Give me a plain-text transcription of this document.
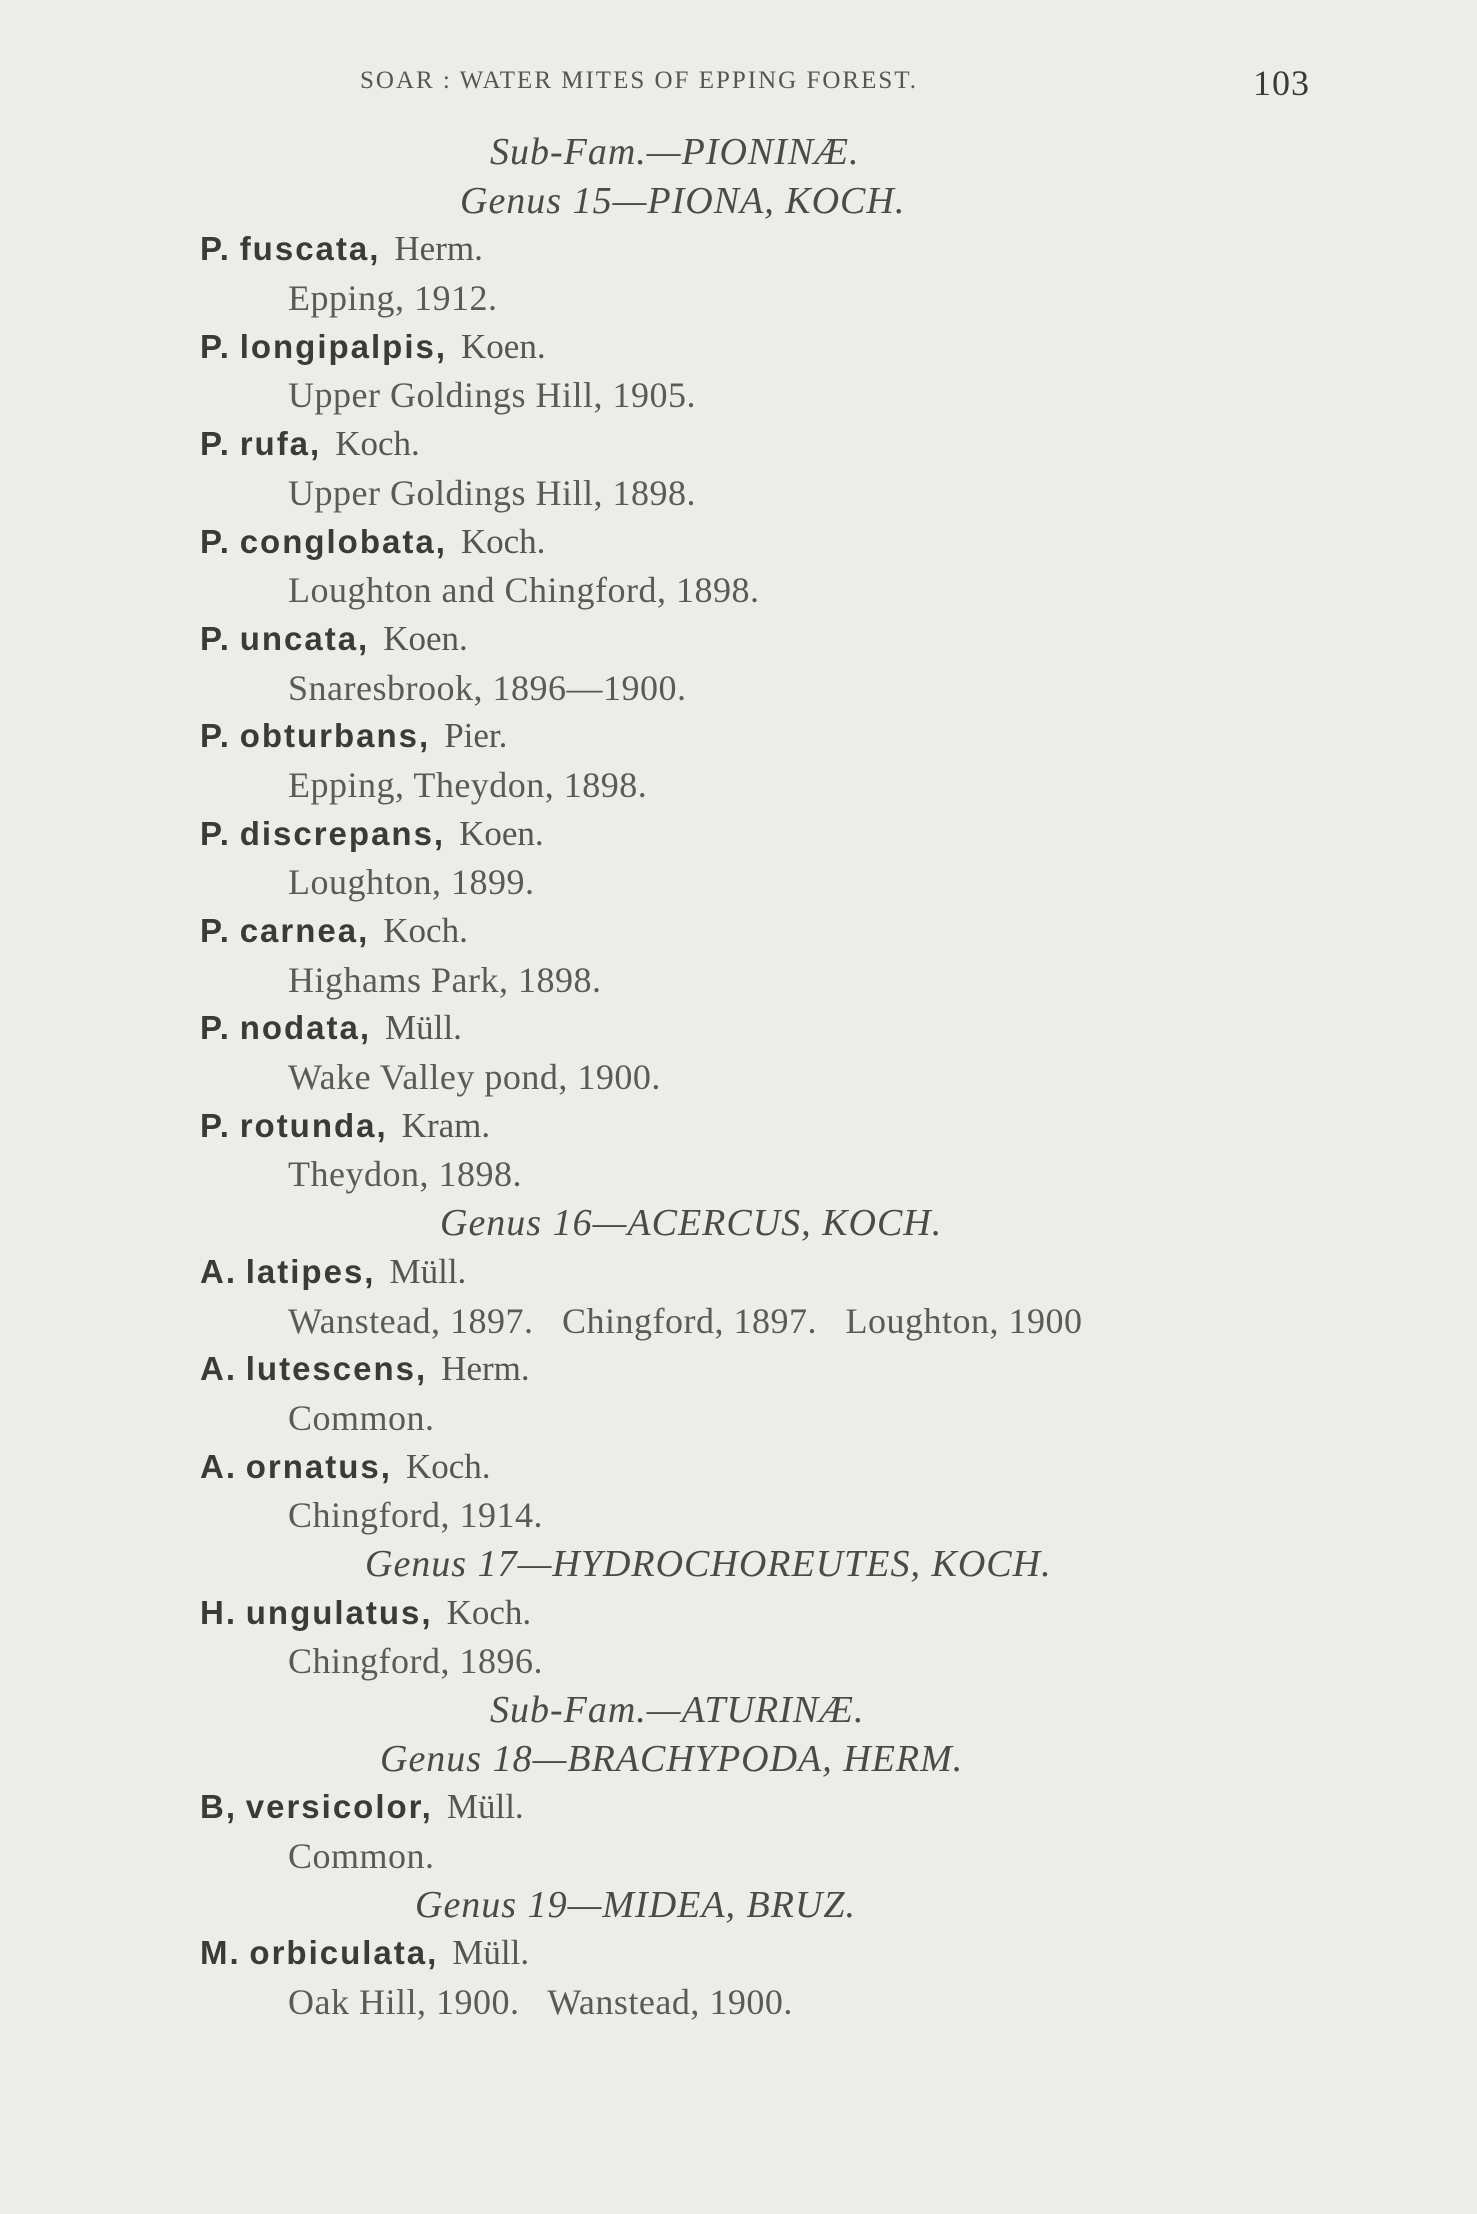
SOAR : WATER MITES OF EPPING FOREST.	103
Sub-Fam.—PIONINÆ.
Genus 15—PIONA, KOCH.
P. fuscata, Herm.
Epping, 1912.
P. longipalpis, Koen.
Upper Goldings Hill, 1905.
P. rufa, Koch.
Upper Goldings Hill, 1898.
P. conglobata, Koch.
Loughton and Chingford, 1898.
P. uncata, Koen.
Snaresbrook, 1896—1900.
P. obturbans, Pier.
Epping, Theydon, 1898.
P. discrepans, Koen.
Loughton, 1899.
P. carnea, Koch.
Highams Park, 1898.
P. nodata, Müll.
Wake Valley pond, 1900.
P. rotunda, Kram.
Theydon, 1898.
Genus 16—ACERCUS, KOCH.
A. latipes, Müll.
Wanstead, 1897.   Chingford, 1897.   Loughton, 1900
A. lutescens, Herm.
Common.
A. ornatus, Koch.
Chingford, 1914.
Genus 17—HYDROCHOREUTES, KOCH.
H. ungulatus, Koch.
Chingford, 1896.
Sub-Fam.—ATURINÆ.
Genus 18—BRACHYPODA, HERM.
B, versicolor, Müll.
Common.
Genus 19—MIDEA, BRUZ.
M. orbiculata, Müll.
Oak Hill, 1900.   Wanstead, 1900.
